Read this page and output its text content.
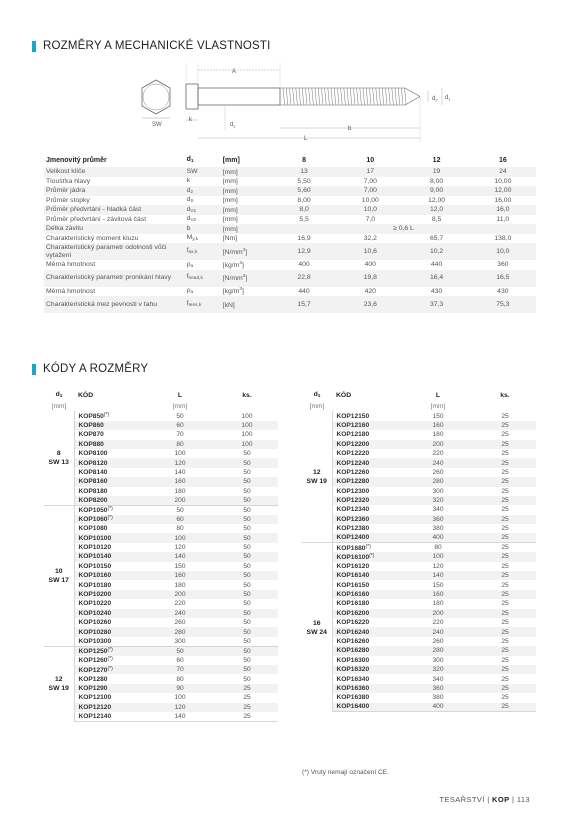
ROZMĚRY A MECHANICKÉ VLASTNOSTI
SW
A
k
$d_s$	b
L
$d_2$ $d_1$
Jmenovitý průměr	$d_1$	[mm]	8	10	12	16
Velikost klíče	SW	[mm]	13	17	19	24
Tloušťka hlavy	k	[mm]	5,50	7,00	8,00	10,00
Průměr jádra	$d_2$	[mm]	5,60	7,00	9,00	12,00
Průměr stopky	$d_S$	[mm]	8,00	10,00	12,00	16,00
Průměr předvrtání - hladká část	$d_{V1}$	[mm]	8,0	10,0	12,0	16,0
Průměr předvrtání - závitová část	$d_{V2}$	[mm]	5,5	7,0	8,5	11,0
Délka závitu	b	[mm]	≥ 0,6 L			
Charakteristický moment kluzu	$M_{y,k}$	[Nm]	16,9	32,2	65,7	138,0
Charakteristický parametr odolnosti vůči vytažení	$f_{ax,k}$	$[N/mm^2]$	12,9	10,6	10,2	10,0
Měrná hmotnost	$\rho_a$	$[kg/m^3]$	400	400	440	360
Charakteristický parametr pronikání hlavy	$f_{head,k}$	$[N/mm^2]$	22,8	19,8	16,4	16,5
Měrná hmotnost	$\rho_a$	$[kg/m^3]$	440	420	430	430
Charakteristická mez pevnosti v tahu	$f_{tens,k}$	[kN]	15,7	23,6	37,3	75,3
KÓDY A ROZMĚRY
$d_1$	KÓD	L	ks.
[mm]		[mm]	
8
SW 13	KOP850(*)	50	100
	KOP860	60	100
	KOP870	70	100
	KOP880	80	100
	KOP8100	100	50
	KOP8120	120	50
	KOP8140	140	50
	KOP8160	160	50
	KOP8180	180	50
	KOP8200	200	50
10
SW 17	KOP1050(*)	50	50
	KOP1060(*)	60	50
	KOP1080	80	50
	KOP10100	100	50
	KOP10120	120	50
	KOP10140	140	50
	KOP10150	150	50
	KOP10160	160	50
	KOP10180	180	50
	KOP10200	200	50
	KOP10220	220	50
	KOP10240	240	50
	KOP10260	260	50
	KOP10280	280	50
	KOP10300	300	50
12
SW 19	KOP1250(*)	50	50
	KOP1260(*)	60	50
	KOP1270(*)	70	50
	KOP1280	80	50
	KOP1290	90	25
	KOP12100	100	25
	KOP12120	120	25
	KOP12140	140	25
$d_1$	KÓD	L	ks.
[mm]		[mm]	
12
SW 19	KOP12150	150	25
	KOP12160	160	25
	KOP12180	180	25
	KOP12200	200	25
	KOP12220	220	25
	KOP12240	240	25
	KOP12260	260	25
	KOP12280	280	25
	KOP12300	300	25
	KOP12320	320	25
	KOP12340	340	25
	KOP12360	360	25
	KOP12380	380	25
	KOP12400	400	25
16
SW 24	KOP1680(*)	80	25
	KOP16100(*)	100	25
	KOP16120	120	25
	KOP16140	140	25
	KOP16150	150	25
	KOP16160	160	25
	KOP16180	180	25
	KOP16200	200	25
	KOP16220	220	25
	KOP16240	240	25
	KOP16260	260	25
	KOP16280	280	25
	KOP16300	300	25
	KOP16320	320	25
	KOP16340	340	25
	KOP16360	360	25
	KOP16380	380	25
	KOP16400	400	25
(*) Vruty nemají označení CE.
TESAŘSTVÍ | KOP | 113
